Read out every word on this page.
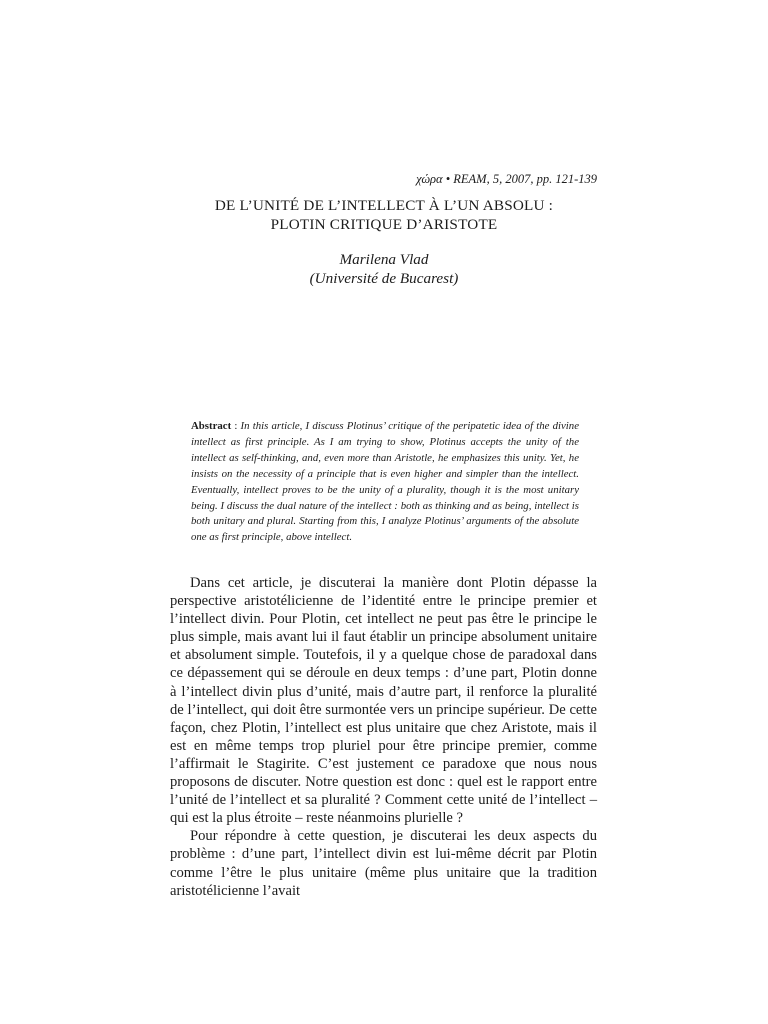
χώρα • REAM, 5, 2007, pp. 121-139
DE L’UNITÉ DE L’INTELLECT À L’UN ABSOLU :
PLOTIN CRITIQUE D’ARISTOTE
Marilena Vlad
(Université de Bucarest)
Abstract : In this article, I discuss Plotinus’ critique of the peripatetic idea of the divine intellect as first principle. As I am trying to show, Plotinus accepts the unity of the intellect as self-thinking, and, even more than Aristotle, he emphasizes this unity. Yet, he insists on the necessity of a principle that is even higher and simpler than the intellect. Eventually, intellect proves to be the unity of a plurality, though it is the most unitary being. I discuss the dual nature of the intellect : both as thinking and as being, intellect is both unitary and plural. Starting from this, I analyze Plotinus’ arguments of the absolute one as first principle, above intellect.

Dans cet article, je discuterai la manière dont Plotin dépasse la perspective aristotélicienne de l’identité entre le principe premier et l’intellect divin. Pour Plotin, cet intellect ne peut pas être le principe le plus simple, mais avant lui il faut établir un principe absolument unitaire et absolument simple. Toutefois, il y a quelque chose de paradoxal dans ce dépassement qui se déroule en deux temps : d’une part, Plotin donne à l’intellect divin plus d’unité, mais d’autre part, il renforce la pluralité de l’intellect, qui doit être surmontée vers un principe supérieur. De cette façon, chez Plotin, l’intellect est plus unitaire que chez Aristote, mais il est en même temps trop pluriel pour être principe premier, comme l’affirmait le Stagirite. C’est justement ce paradoxe que nous nous proposons de discuter. Notre question est donc : quel est le rapport entre l’unité de l’intellect et sa pluralité ? Comment cette unité de l’intellect – qui est la plus étroite – reste néanmoins plurielle ?

Pour répondre à cette question, je discuterai les deux aspects du problème : d’une part, l’intellect divin est lui-même décrit par Plotin comme l’être le plus unitaire (même plus unitaire que la tradition aristotélicienne l’avait
